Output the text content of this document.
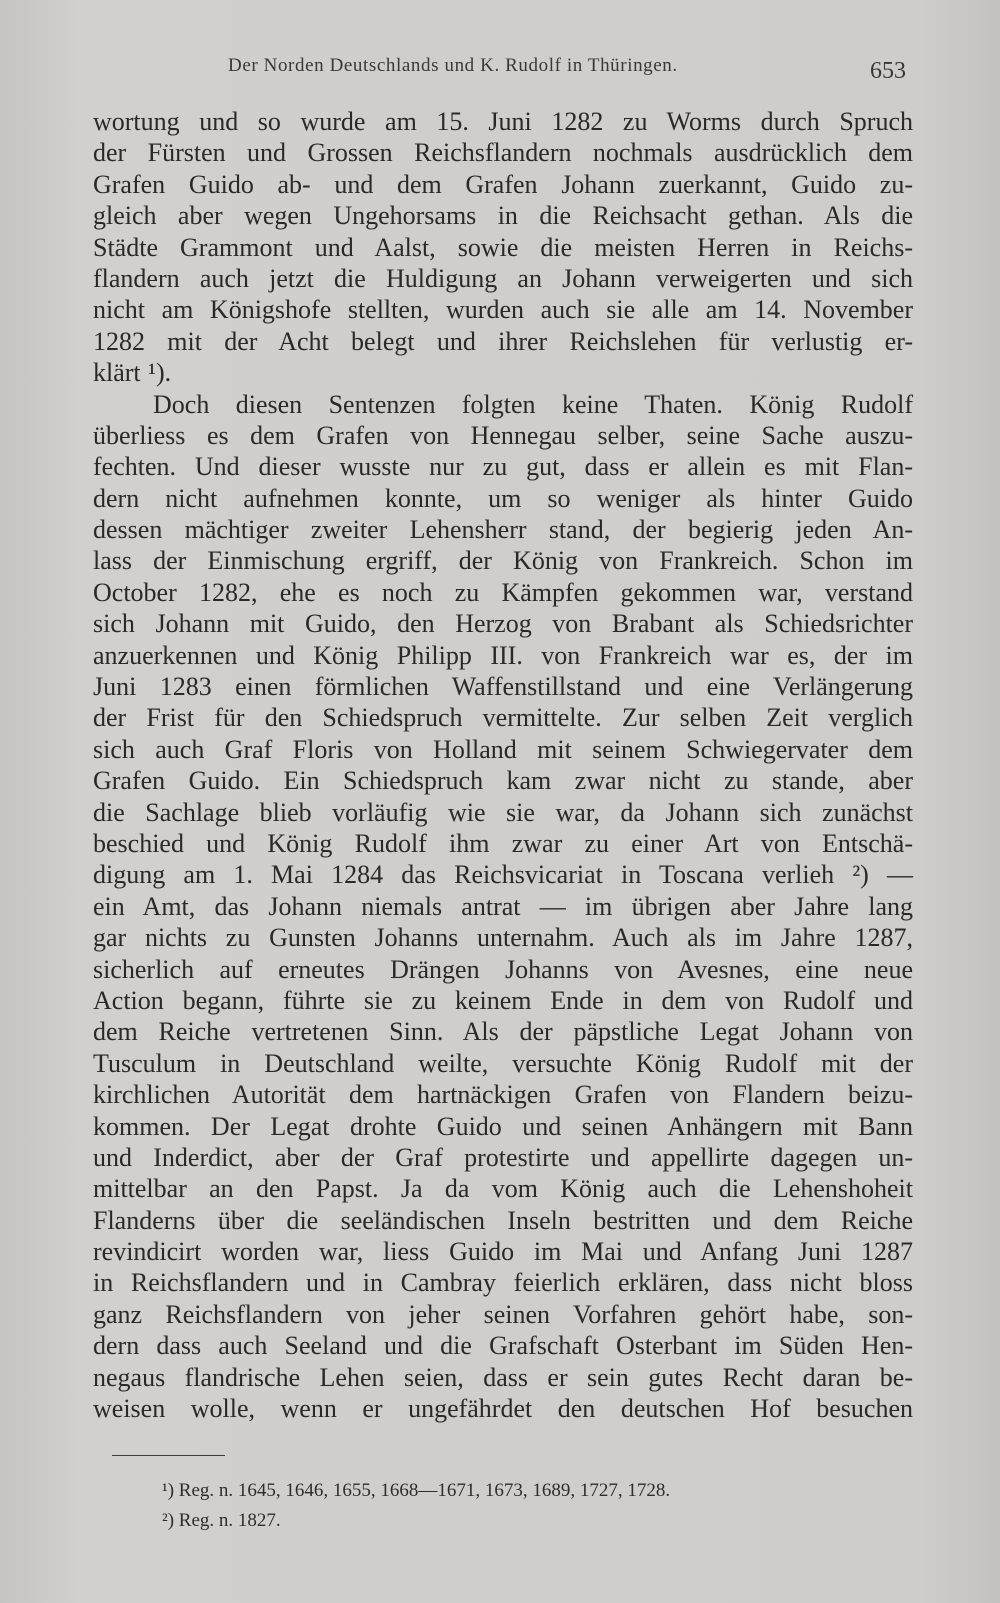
Der Norden Deutschlands und K. Rudolf in Thüringen.	653
wortung und so wurde am 15. Juni 1282 zu Worms durch Spruch
der Fürsten und Grossen Reichsflandern nochmals ausdrücklich dem
Grafen Guido ab- und dem Grafen Johann zuerkannt, Guido zu-
gleich aber wegen Ungehorsams in die Reichsacht gethan. Als die
Städte Grammont und Aalst, sowie die meisten Herren in Reichs-
flandern auch jetzt die Huldigung an Johann verweigerten und sich
nicht am Königshofe stellten, wurden auch sie alle am 14. November
1282 mit der Acht belegt und ihrer Reichslehen für verlustig er-
klärt ¹).
Doch diesen Sentenzen folgten keine Thaten. König Rudolf
überliess es dem Grafen von Hennegau selber, seine Sache auszu-
fechten. Und dieser wusste nur zu gut, dass er allein es mit Flan-
dern nicht aufnehmen konnte, um so weniger als hinter Guido
dessen mächtiger zweiter Lehensherr stand, der begierig jeden An-
lass der Einmischung ergriff, der König von Frankreich. Schon im
October 1282, ehe es noch zu Kämpfen gekommen war, verstand
sich Johann mit Guido, den Herzog von Brabant als Schiedsrichter
anzuerkennen und König Philipp III. von Frankreich war es, der im
Juni 1283 einen förmlichen Waffenstillstand und eine Verlängerung
der Frist für den Schiedspruch vermittelte. Zur selben Zeit verglich
sich auch Graf Floris von Holland mit seinem Schwiegervater dem
Grafen Guido. Ein Schiedspruch kam zwar nicht zu stande, aber
die Sachlage blieb vorläufig wie sie war, da Johann sich zunächst
beschied und König Rudolf ihm zwar zu einer Art von Entschä-
digung am 1. Mai 1284 das Reichsvicariat in Toscana verlieh ²) —
ein Amt, das Johann niemals antrat — im übrigen aber Jahre lang
gar nichts zu Gunsten Johanns unternahm. Auch als im Jahre 1287,
sicherlich auf erneutes Drängen Johanns von Avesnes, eine neue
Action begann, führte sie zu keinem Ende in dem von Rudolf und
dem Reiche vertretenen Sinn. Als der päpstliche Legat Johann von
Tusculum in Deutschland weilte, versuchte König Rudolf mit der
kirchlichen Autorität dem hartnäckigen Grafen von Flandern beizu-
kommen. Der Legat drohte Guido und seinen Anhängern mit Bann
und Inderdict, aber der Graf protestirte und appellirte dagegen un-
mittelbar an den Papst. Ja da vom König auch die Lehenshoheit
Flanderns über die seeländischen Inseln bestritten und dem Reiche
revindicirt worden war, liess Guido im Mai und Anfang Juni 1287
in Reichsflandern und in Cambray feierlich erklären, dass nicht bloss
ganz Reichsflandern von jeher seinen Vorfahren gehört habe, son-
dern dass auch Seeland und die Grafschaft Osterbant im Süden Hen-
negaus flandrische Lehen seien, dass er sein gutes Recht daran be-
weisen wolle, wenn er ungefährdet den deutschen Hof besuchen
¹) Reg. n. 1645, 1646, 1655, 1668—1671, 1673, 1689, 1727, 1728.
²) Reg. n. 1827.
